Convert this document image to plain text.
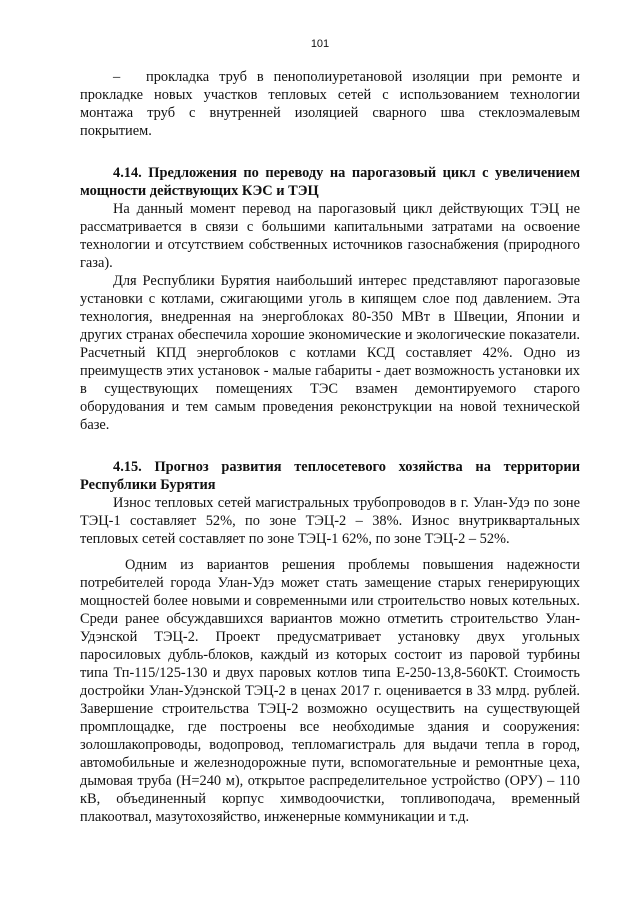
101

– прокладка труб в пенополиуретановой изоляции при ремонте и прокладке новых участков тепловых сетей с использованием технологии монтажа труб с внутренней изоляцией сварного шва стеклоэмалевым покрытием.

4.14. Предложения по переводу на парогазовый цикл с увеличением мощности действующих КЭС и ТЭЦ

На данный момент перевод на парогазовый цикл действующих ТЭЦ не рассматривается в связи с большими капитальными затратами на освоение технологии и отсутствием собственных источников газоснабжения (природного газа).

Для Республики Бурятия наибольший интерес представляют парогазовые установки с котлами, сжигающими уголь в кипящем слое под давлением. Эта технология, внедренная на энергоблоках 80-350 МВт в Швеции, Японии и других странах обеспечила хорошие экономические и экологические показатели. Расчетный КПД энергоблоков с котлами КСД составляет 42%. Одно из преимуществ этих установок - малые габариты - дает возможность установки их в существующих помещениях ТЭС взамен демонтируемого старого оборудования и тем самым проведения реконструкции на новой технической базе.

4.15. Прогноз развития теплосетевого хозяйства на территории Республики Бурятия

Износ тепловых сетей магистральных трубопроводов в г. Улан-Удэ по зоне ТЭЦ-1 составляет 52%, по зоне ТЭЦ-2 – 38%. Износ внутриквартальных тепловых сетей составляет по зоне ТЭЦ-1 62%, по зоне ТЭЦ-2 – 52%.

Одним из вариантов решения проблемы повышения надежности потребителей города Улан-Удэ может стать замещение старых генерирующих мощностей более новыми и современными или строительство новых котельных. Среди ранее обсуждавшихся вариантов можно отметить строительство Улан-Удэнской ТЭЦ-2. Проект предусматривает установку двух угольных паросиловых дубль-блоков, каждый из которых состоит из паровой турбины типа Тп-115/125-130 и двух паровых котлов типа Е-250-13,8-560КТ. Стоимость достройки Улан-Удэнской ТЭЦ-2 в ценах 2017 г. оценивается в 33 млрд. рублей. Завершение строительства ТЭЦ-2 возможно осуществить на существующей промплощадке, где построены все необходимые здания и сооружения: золошлакопроводы, водопровод, тепломагистраль для выдачи тепла в город, автомобильные и железнодорожные пути, вспомогательные и ремонтные цеха, дымовая труба (Н=240 м), открытое распределительное устройство (ОРУ) – 110 кВ, объединенный корпус химводоочистки, топливоподача, временный плакоотвал, мазутохозяйство, инженерные коммуникации и т.д.
